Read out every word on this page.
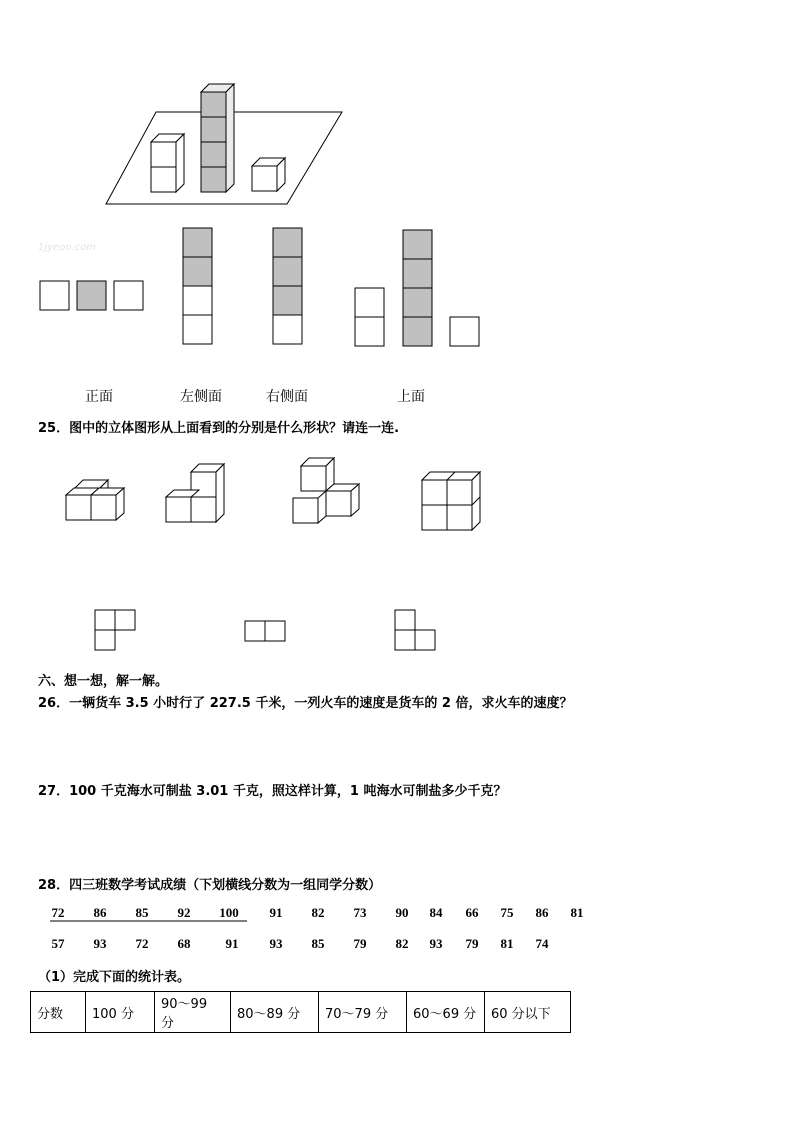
1jyeoo.com
正面	左侧面	右侧面	上面
25．图中的立体图形从上面看到的分别是什么形状？请连一连.
六、想一想，解一解。
26．一辆货车 3.5 小时行了 227.5 千米，一列火车的速度是货车的 2 倍，求火车的速度？
27．100 千克海水可制盐 3.01 千克，照这样计算，1 吨海水可制盐多少千克？
28．四三班数学考试成绩（下划横线分数为一组同学分数）
72	86	85	92	100	91	82	73	90	84	66	75	86	81
57	93	72	68	91	93	85	79	82	93	79	81	74
（1）完成下面的统计表。
分数	100 分	90～99 分	80～89 分	70～79 分	60～69 分	60 分以下
